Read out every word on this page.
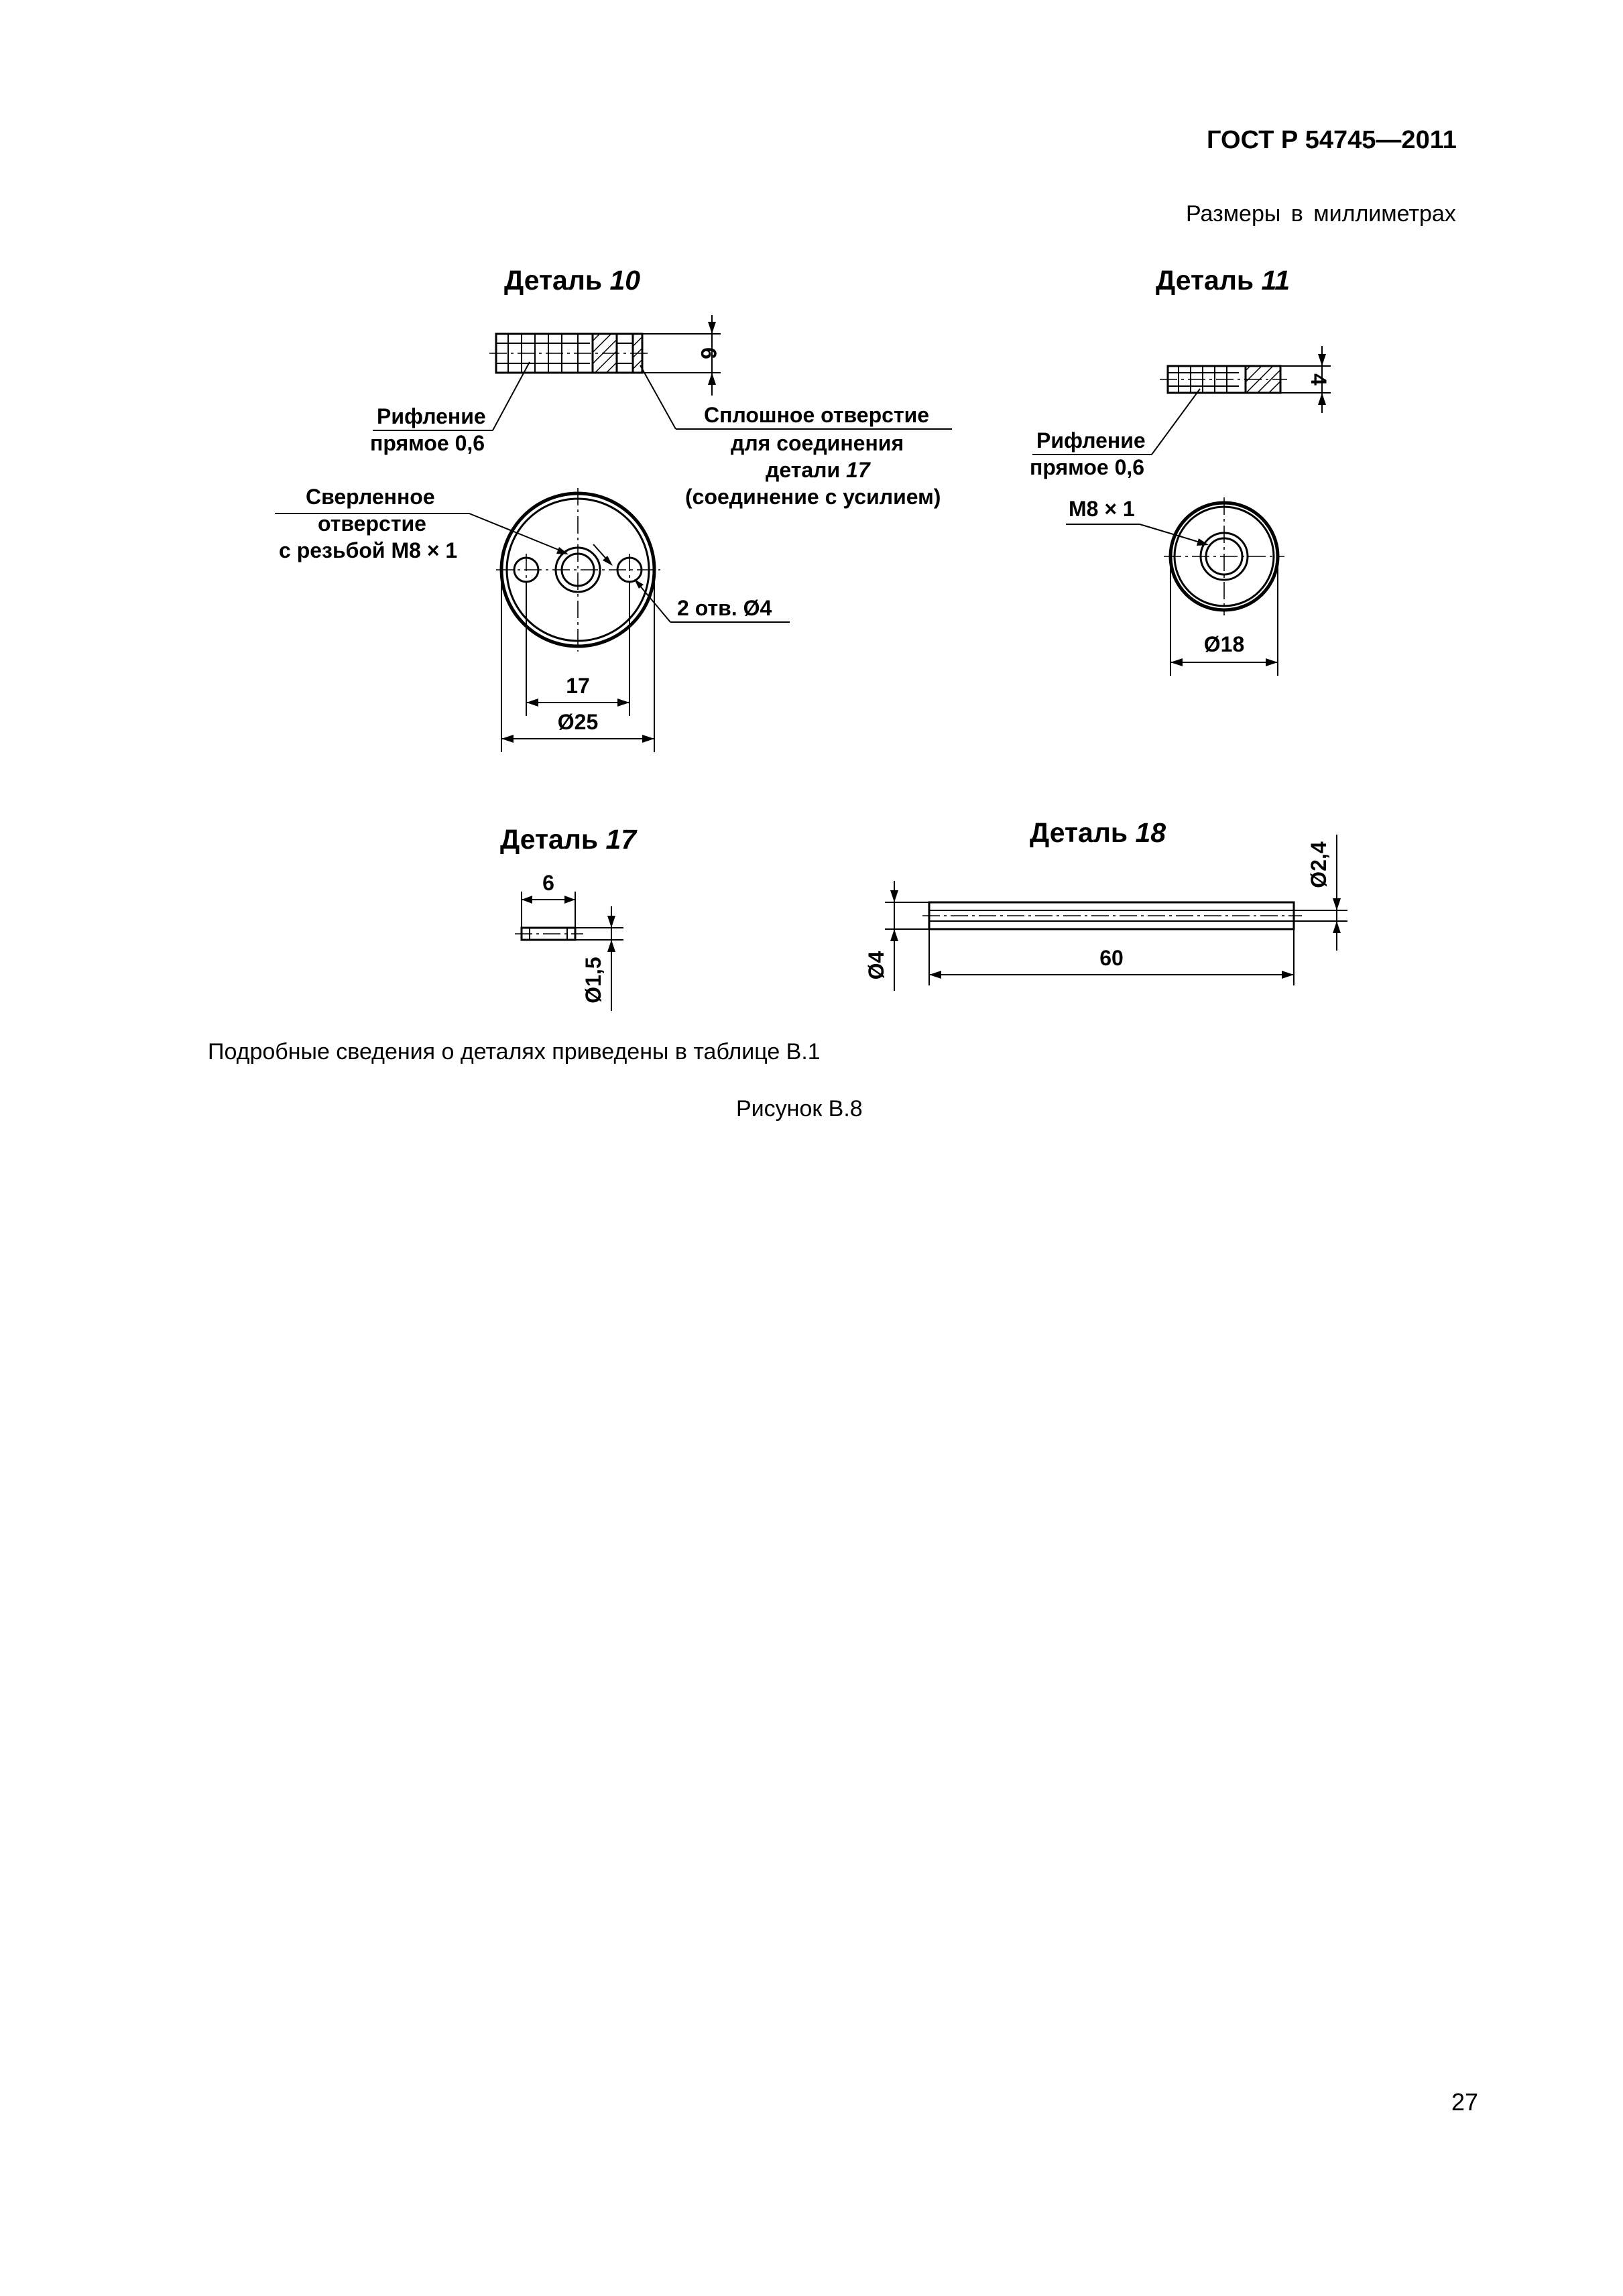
ГОСТ Р 54745—2011
Размеры в миллиметрах
Деталь 10
6
Рифление
прямое 0,6
Сплошное отверстие
для соединения
детали 17
(соединение с усилием)
Сверленное
отверстие
с резьбой М8 × 1
2 отв. Ø4
17
Ø25
Деталь 11
4
Рифление
прямое 0,6
М8 × 1
Ø18
Деталь 17
6
Ø1,5
Деталь 18
Ø2,4
Ø4	60
Подробные сведения о деталях приведены в таблице В.1
Рисунок В.8
27
